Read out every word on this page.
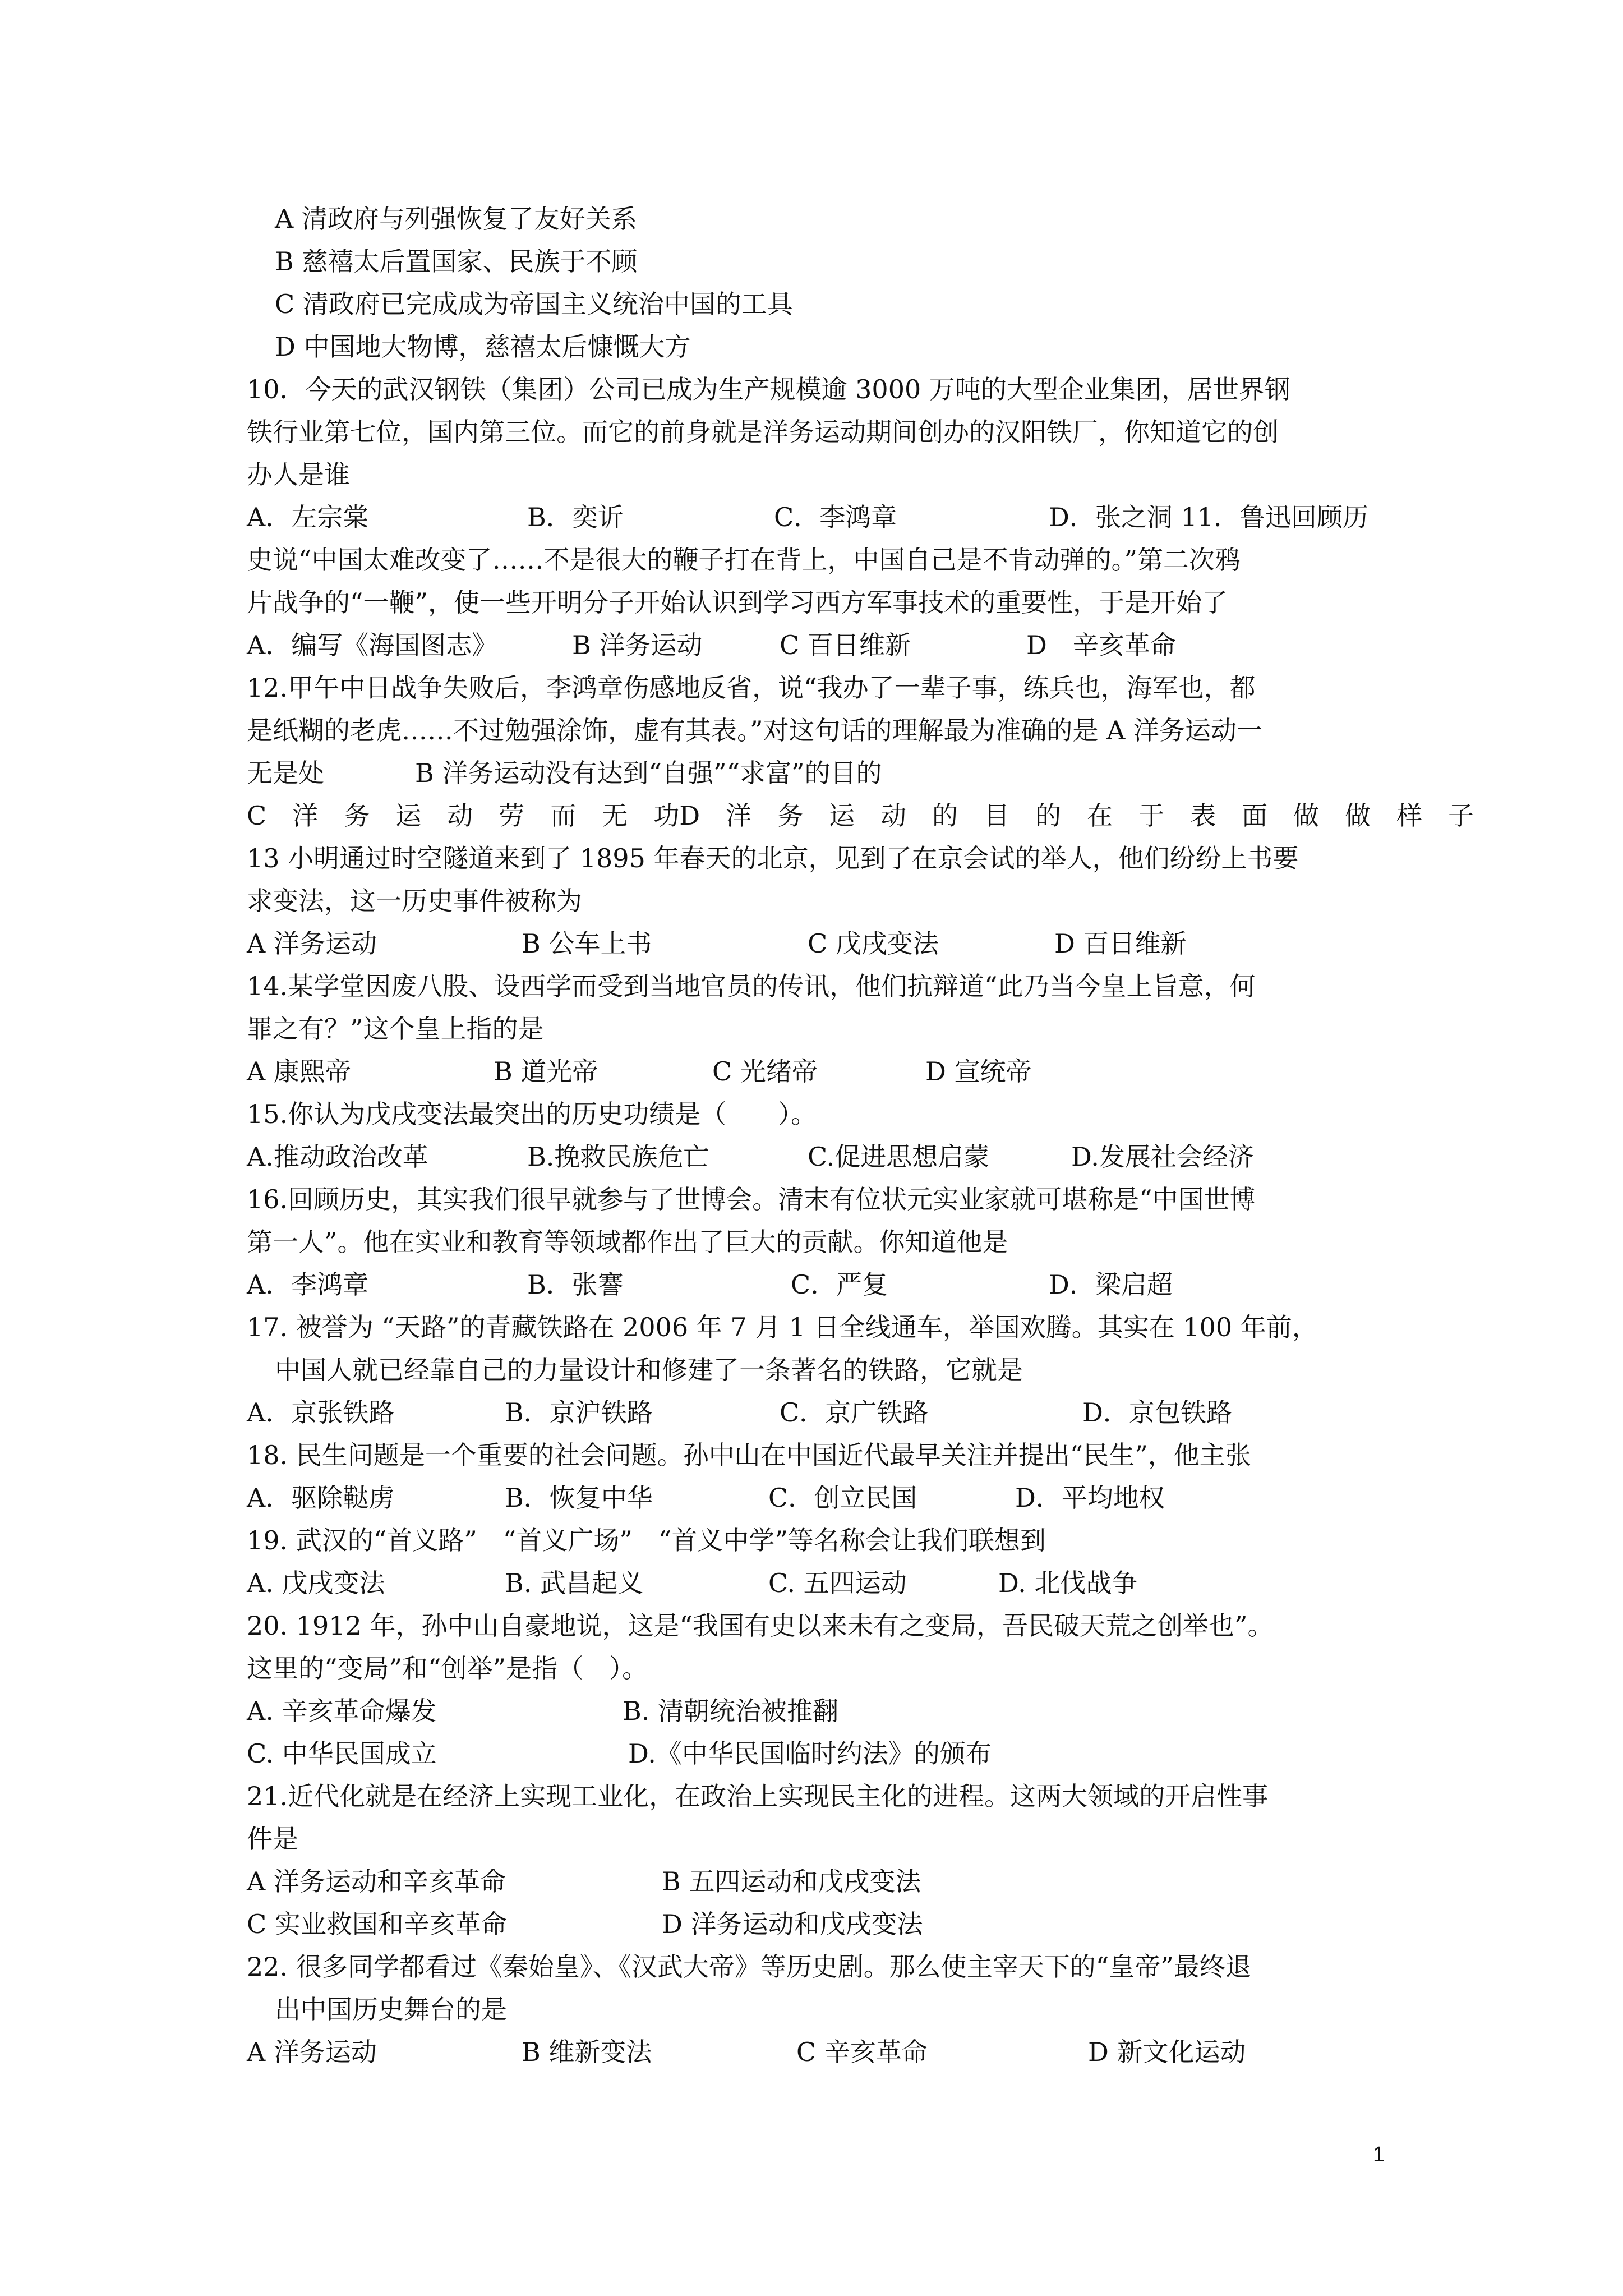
A 清政府与列强恢复了友好关系
B 慈禧太后置国家、民族于不顾
C 清政府已完成成为帝国主义统治中国的工具
D 中国地大物博，慈禧太后慷慨大方
10．今天的武汉钢铁（集团）公司已成为生产规模逾 3000 万吨的大型企业集团，居世界钢
铁行业第七位，国内第三位。而它的前身就是洋务运动期间创办的汉阳铁厂，你知道它的创
办人是谁
A．左宗棠	B．奕䜣	C．李鸿章	D．张之洞 11．鲁迅回顾历
史说“中国太难改变了……不是很大的鞭子打在背上，中国自己是不肯动弹的。”第二次鸦
片战争的“一鞭”，使一些开明分子开始认识到学习西方军事技术的重要性，于是开始了
A．编写《海国图志》	B 洋务运动	C 百日维新	D　辛亥革命
12.甲午中日战争失败后，李鸿章伤感地反省，说“我办了一辈子事，练兵也，海军也，都
是纸糊的老虎……不过勉强涂饰，虚有其表。”对这句话的理解最为准确的是 A 洋务运动一
无是处	B 洋务运动没有达到“自强”“求富”的目的
C　洋　务　运　动　劳　而　无　功 D　洋　务　运　动　的　目　的　在　于　表　面　做　做　样　子
13 小明通过时空隧道来到了 1895 年春天的北京，见到了在京会试的举人，他们纷纷上书要
求变法，这一历史事件被称为
A 洋务运动	B 公车上书	C 戊戌变法	D 百日维新
14.某学堂因废八股、设西学而受到当地官员的传讯，他们抗辩道“此乃当今皇上旨意，何
罪之有？”这个皇上指的是
A 康熙帝	B 道光帝	C 光绪帝	D 宣统帝
15.你认为戊戌变法最突出的历史功绩是（　　）。
A.推动政治改革	B.挽救民族危亡	C.促进思想启蒙	D.发展社会经济
16.回顾历史，其实我们很早就参与了世博会。清末有位状元实业家就可堪称是“中国世博
第一人”。他在实业和教育等领域都作出了巨大的贡献。你知道他是
A．李鸿章	B．张謇	C．严复	D．梁启超
17. 被誉为 “天路”的青藏铁路在 2006 年 7 月 1 日全线通车，举国欢腾。其实在 100 年前，
中国人就已经靠自己的力量设计和修建了一条著名的铁路，它就是
A．京张铁路	B．京沪铁路	C．京广铁路	D．京包铁路
18. 民生问题是一个重要的社会问题。孙中山在中国近代最早关注并提出“民生”，他主张
A．驱除鞑虏	B．恢复中华	C．创立民国	D．平均地权
19. 武汉的“首义路”　“首义广场”　“首义中学”等名称会让我们联想到
A. 戊戌变法	B. 武昌起义	C. 五四运动	D. 北伐战争
20. 1912 年，孙中山自豪地说，这是“我国有史以来未有之变局，吾民破天荒之创举也”。
这里的“变局”和“创举”是指（　）。
A. 辛亥革命爆发	B. 清朝统治被推翻
C. 中华民国成立	D.《中华民国临时约法》的颁布
21.近代化就是在经济上实现工业化，在政治上实现民主化的进程。这两大领域的开启性事
件是
A 洋务运动和辛亥革命	B 五四运动和戊戌变法
C 实业救国和辛亥革命	D 洋务运动和戊戌变法
22. 很多同学都看过《秦始皇》、《汉武大帝》等历史剧。那么使主宰天下的“皇帝”最终退
出中国历史舞台的是
A 洋务运动	B 维新变法	C 辛亥革命	D 新文化运动
1
